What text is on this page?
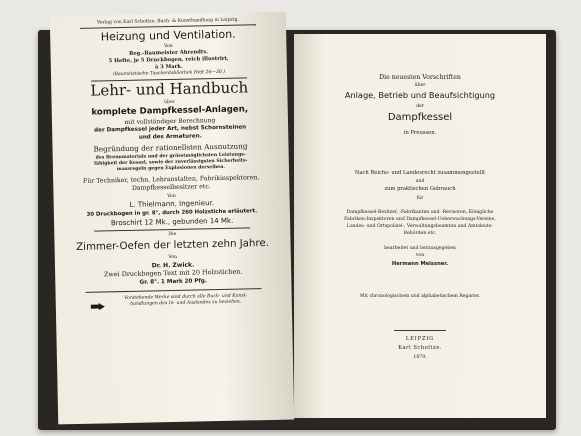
Verlag von Karl Scholtze, Buch- & Kunsthandlung in Leipzig.
Heizung und Ventilation.
Von
Reg.-Baumeister Ahrendts.
5 Hefte, je 5 Druckbogen, reich illustrirt,
à 3 Mark.
(Baumeistische Taschenbibliothek Heft 26—30.)
Lehr- und Handbuch
über
komplete Dampfkessel-Anlagen,
mit vollständiger Berechnung
der Dampfkessel jeder Art, nebst Schornsteinen
und des Armaturen.
Begründung der rationellsten Ausnutzung
des Brennmaterials und der grösstmöglichsten Leistungs-
fähigkeit der Kessel, sowie der zuverlässigsten Sicherheits-
massregeln gegen Explosionen derselben.
Für Techniker, techn. Lehranstalten, Fabrikinspektoren,
Dampfkesselbesitzer etc.
Von
L. Thielmann, Ingenieur.
30 Druckbogen in gr. 8°, durch 260 Holzstiche erläutert.
Broschirt 12 Mk., gebunden 14 Mk.
Die
Zimmer-Oefen der letzten zehn Jahre.
Von
Dr. H. Zwick.
Zwei Druckbogen Text mit 20 Holzstichen.
Gr. 8°. 1 Mark 20 Pfg.
Vorstehende Werke sind durch alle Buch- und Kunst-
handlungen des In- und Auslandes zu beziehen.
Die neuesten Vorschriften
über
Anlage, Betrieb und Beaufsichtigung
der
Dampfkessel
in Preussen.
Nach Reichs- und Landesrecht zusammengestellt
und
zum praktischen Gebrauch
für
Dampfkessel-Besitzer, -Fabrikanten und -Revisoren, Königliche
Fabriken-Inspektoren und Dampfkessel-Ueberwachungs-Vereine,
Landes- und Ortspolizei-, Verwaltungsbeamten und Amtsleute-
Behörden etc.
bearbeitet und herausgegeben
von
Hermann Meissner.
Mit chronologischem und alphabetischem Register.
LEIPZIG
Karl Scholtze.
1879.
